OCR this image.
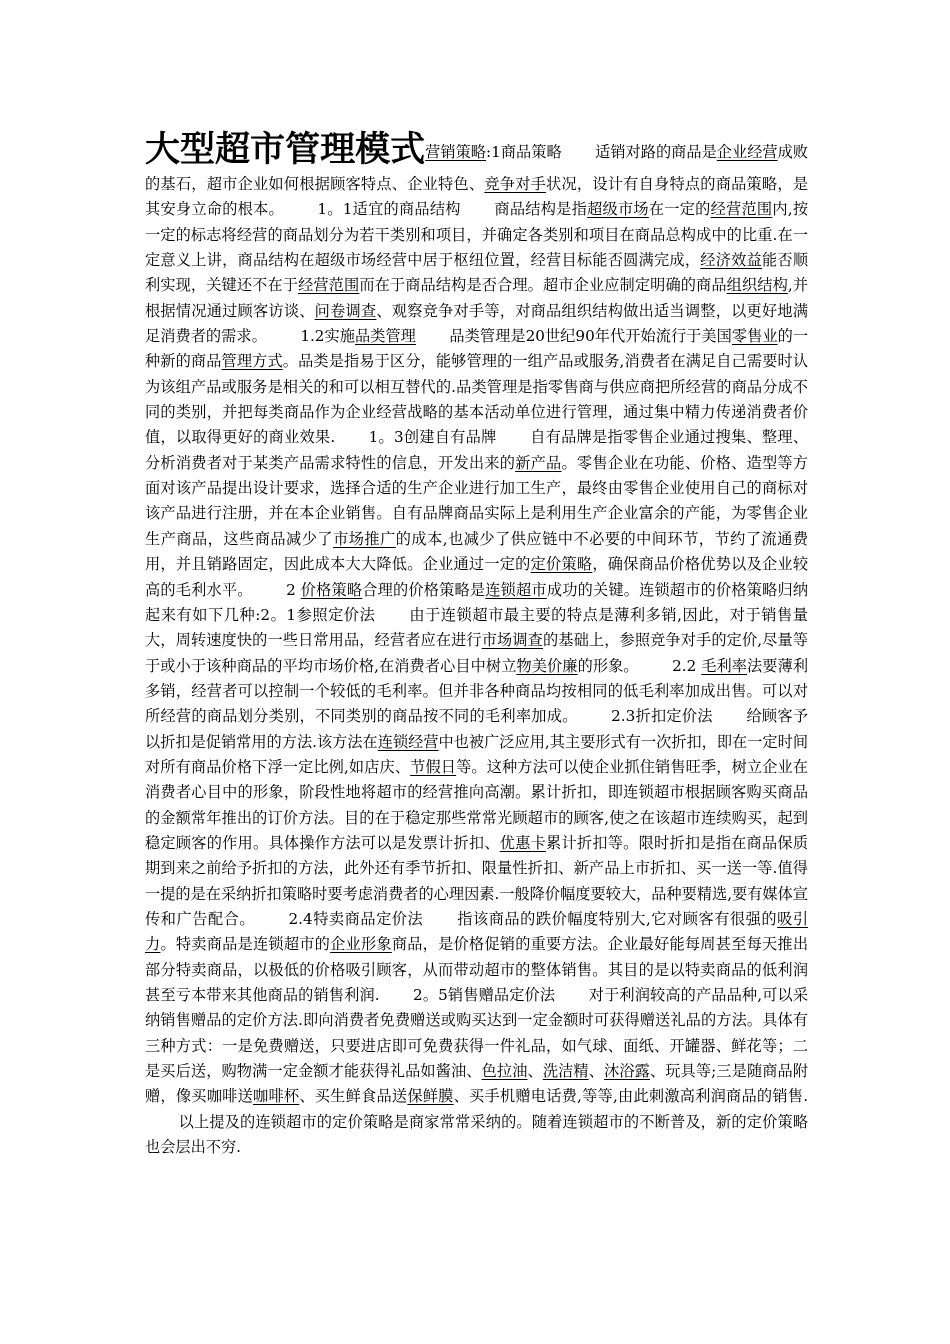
大型超市管理模式营销策略:1商品策略 适销对路的商品是企业经营成败的基石，超市企业如何根据顾客特点、企业特色、竞争对手状况，设计有自身特点的商品策略，是其安身立命的根本。 1。1适宜的商品结构 商品结构是指超级市场在一定的经营范围内,按一定的标志将经营的商品划分为若干类别和项目，并确定各类别和项目在商品总构成中的比重.在一定意义上讲，商品结构在超级市场经营中居于枢纽位置，经营目标能否圆满完成，经济效益能否顺利实现，关键还不在于经营范围而在于商品结构是否合理。超市企业应制定明确的商品组织结构,并根据情况通过顾客访谈、问卷调查、观察竞争对手等，对商品组织结构做出适当调整，以更好地满足消费者的需求。 1.2实施品类管理 品类管理是20世纪90年代开始流行于美国零售业的一种新的商品管理方式。品类是指易于区分，能够管理的一组产品或服务,消费者在满足自己需要时认为该组产品或服务是相关的和可以相互替代的.品类管理是指零售商与供应商把所经营的商品分成不同的类别，并把每类商品作为企业经营战略的基本活动单位进行管理，通过集中精力传递消费者价值，以取得更好的商业效果. 1。3创建自有品牌 自有品牌是指零售企业通过搜集、整理、分析消费者对于某类产品需求特性的信息，开发出来的新产品。零售企业在功能、价格、造型等方面对该产品提出设计要求，选择合适的生产企业进行加工生产，最终由零售企业使用自己的商标对该产品进行注册，并在本企业销售。自有品牌商品实际上是利用生产企业富余的产能，为零售企业生产商品，这些商品减少了市场推广的成本,也减少了供应链中不必要的中间环节，节约了流通费用，并且销路固定，因此成本大大降低。企业通过一定的定价策略，确保商品价格优势以及企业较高的毛利水平。 2 价格策略合理的价格策略是连锁超市成功的关键。连锁超市的价格策略归纳起来有如下几种:2。1参照定价法 由于连锁超市最主要的特点是薄利多销,因此，对于销售量大，周转速度快的一些日常用品，经营者应在进行市场调查的基础上，参照竞争对手的定价,尽量等于或小于该种商品的平均市场价格,在消费者心目中树立物美价廉的形象。 2.2 毛利率法要薄利多销，经营者可以控制一个较低的毛利率。但并非各种商品均按相同的低毛利率加成出售。可以对所经营的商品划分类别，不同类别的商品按不同的毛利率加成。 2.3折扣定价法 给顾客予以折扣是促销常用的方法.该方法在连锁经营中也被广泛应用,其主要形式有一次折扣，即在一定时间对所有商品价格下浮一定比例,如店庆、节假日等。这种方法可以使企业抓住销售旺季，树立企业在消费者心目中的形象，阶段性地将超市的经营推向高潮。累计折扣，即连锁超市根据顾客购买商品的金额常年推出的订价方法。目的在于稳定那些常常光顾超市的顾客,使之在该超市连续购买，起到稳定顾客的作用。具体操作方法可以是发票计折扣、优惠卡累计折扣等。限时折扣是指在商品保质期到来之前给予折扣的方法，此外还有季节折扣、限量性折扣、新产品上市折扣、买一送一等.值得一提的是在采纳折扣策略时要考虑消费者的心理因素.一般降价幅度要较大，品种要精选,要有媒体宣传和广告配合。 2.4特卖商品定价法 指该商品的跌价幅度特别大,它对顾客有很强的吸引力。特卖商品是连锁超市的企业形象商品，是价格促销的重要方法。企业最好能每周甚至每天推出部分特卖商品，以极低的价格吸引顾客，从而带动超市的整体销售。其目的是以特卖商品的低利润甚至亏本带来其他商品的销售利润. 2。5销售赠品定价法 对于利润较高的产品品种,可以采纳销售赠品的定价方法.即向消费者免费赠送或购买达到一定金额时可获得赠送礼品的方法。具体有三种方式：一是免费赠送，只要进店即可免费获得一件礼品，如气球、面纸、开罐器、鲜花等；二是买后送，购物满一定金额才能获得礼品如酱油、色拉油、洗洁精、沐浴露、玩具等;三是随商品附赠，像买咖啡送咖啡杯、买生鲜食品送保鲜膜、买手机赠电话费,等等,由此刺激高利润商品的销售.以上提及的连锁超市的定价策略是商家常常采纳的。随着连锁超市的不断普及，新的定价策略也会层出不穷.
